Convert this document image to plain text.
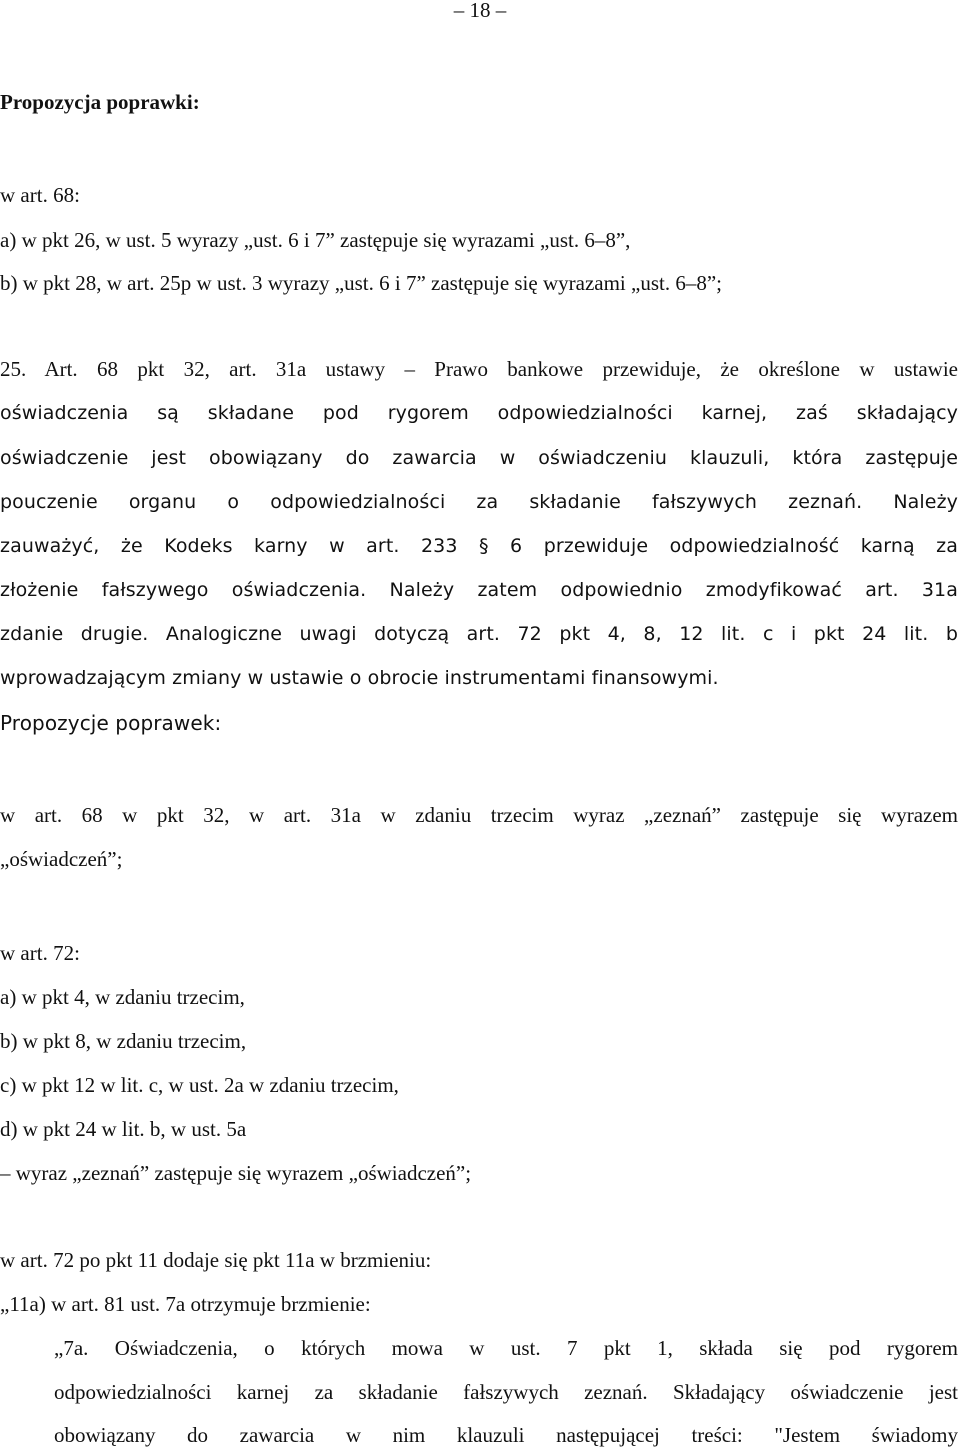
– 18 –
Propozycja poprawki:
w art. 68:
a) w pkt 26, w ust. 5 wyrazy „ust. 6 i 7” zastępuje się wyrazami „ust. 6–8”,
b) w pkt 28, w art. 25p w ust. 3 wyrazy „ust. 6 i 7” zastępuje się wyrazami „ust. 6–8”;
25. Art. 68 pkt 32, art. 31a ustawy – Prawo bankowe przewiduje, że określone w ustawie
oświadczenia są składane pod rygorem odpowiedzialności karnej, zaś składający
oświadczenie jest obowiązany do zawarcia w oświadczeniu klauzuli, która zastępuje
pouczenie organu o odpowiedzialności za składanie fałszywych zeznań. Należy
zauważyć, że Kodeks karny w art. 233 § 6 przewiduje odpowiedzialność karną za
złożenie fałszywego oświadczenia. Należy zatem odpowiednio zmodyfikować art. 31a
zdanie drugie. Analogiczne uwagi dotyczą art. 72 pkt 4, 8, 12 lit. c i pkt 24 lit. b
wprowadzającym zmiany w ustawie o obrocie instrumentami finansowymi.
Propozycje poprawek:
w art. 68 w pkt 32, w art. 31a w zdaniu trzecim wyraz „zeznań” zastępuje się wyrazem
„oświadczeń”;
w art. 72:
a) w pkt 4, w zdaniu trzecim,
b) w pkt 8, w zdaniu trzecim,
c) w pkt 12 w lit. c, w ust. 2a w zdaniu trzecim,
d) w pkt 24 w lit. b, w ust. 5a
– wyraz „zeznań” zastępuje się wyrazem „oświadczeń”;
w art. 72 po pkt 11 dodaje się pkt 11a w brzmieniu:
„11a) w art. 81 ust. 7a otrzymuje brzmienie:
„7a. Oświadczenia, o których mowa w ust. 7 pkt 1, składa się pod rygorem
odpowiedzialności karnej za składanie fałszywych zeznań. Składający oświadczenie jest
obowiązany do zawarcia w nim klauzuli następującej treści: "Jestem świadomy
